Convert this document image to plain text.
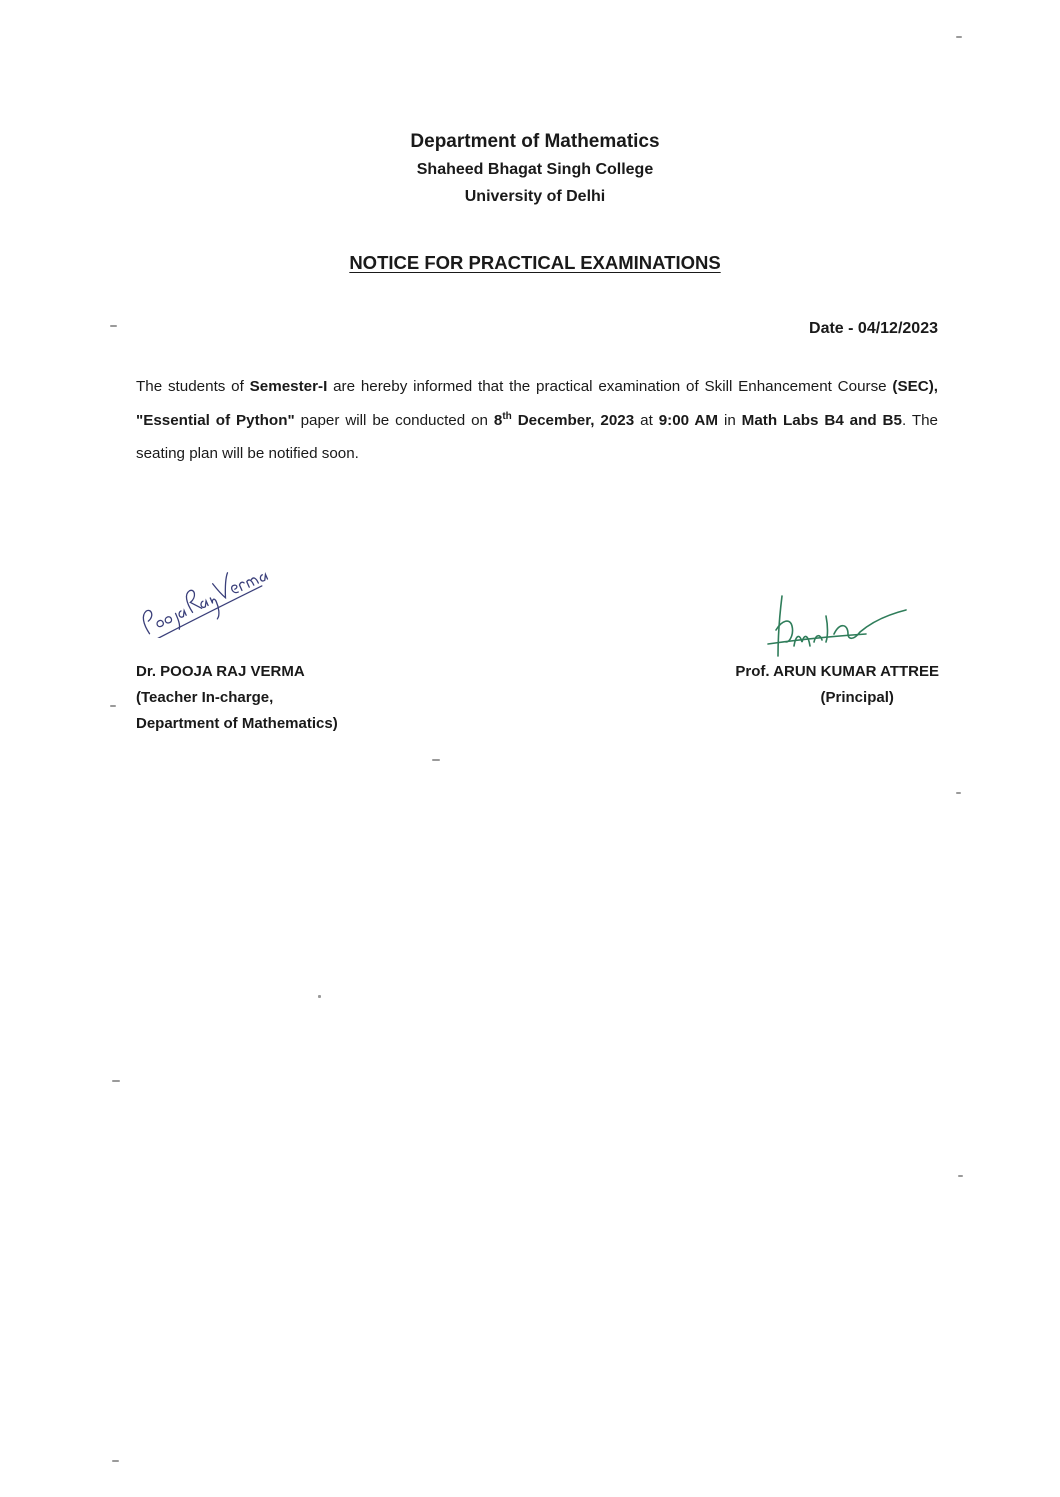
Department of Mathematics
Shaheed Bhagat Singh College
University of Delhi
NOTICE FOR PRACTICAL EXAMINATIONS
Date - 04/12/2023
The students of Semester-I are hereby informed that the practical examination of Skill Enhancement Course (SEC), "Essential of Python" paper will be conducted on 8th December, 2023 at 9:00 AM in Math Labs B4 and B5. The seating plan will be notified soon.
Dr. POOJA RAJ VERMA
(Teacher In-charge,
Department of Mathematics)
Prof. ARUN KUMAR ATTREE
(Principal)
